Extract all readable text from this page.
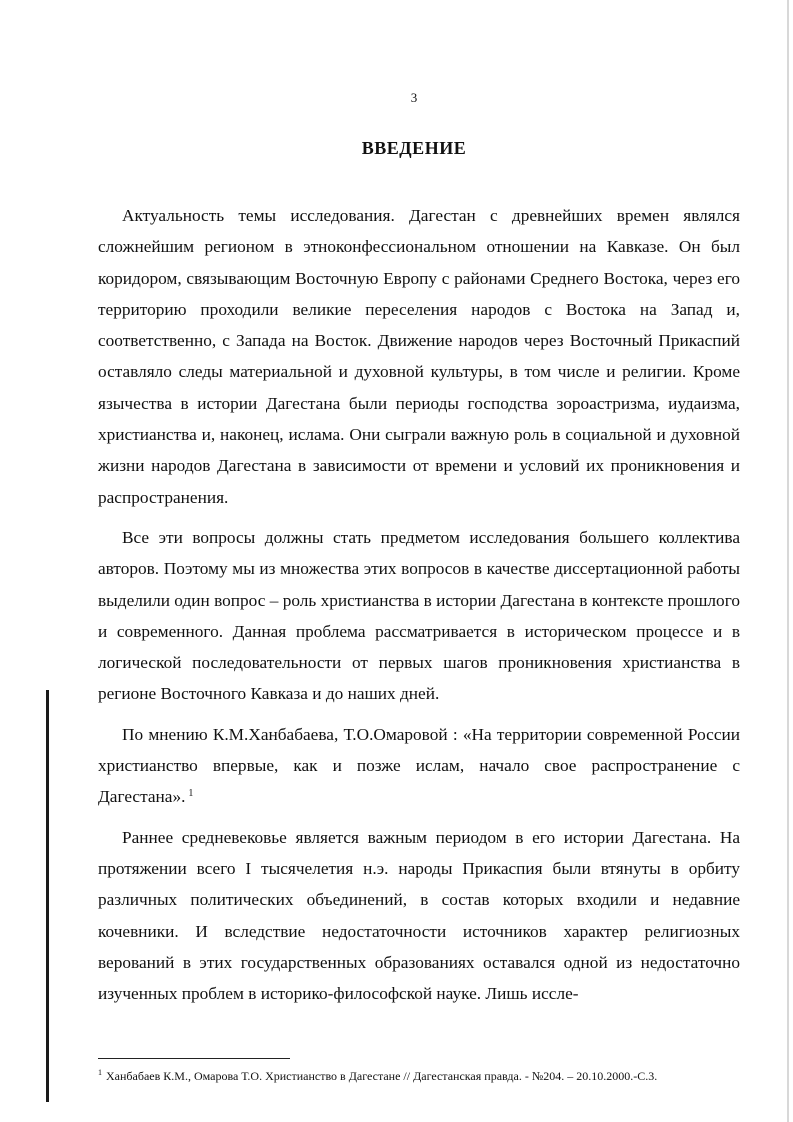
3
ВВЕДЕНИЕ

Актуальность темы исследования. Дагестан с древнейших времен являлся сложнейшим регионом в этноконфессиональном отношении на Кавказе. Он был коридором, связывающим Восточную Европу с районами Среднего Востока, через его территорию проходили великие переселения народов с Востока на Запад и, соответственно, с Запада на Восток. Движение народов через Восточный Прикаспий оставляло следы материальной и духовной культуры, в том числе и религии. Кроме язычества в истории Дагестана были периоды господства зороастризма, иудаизма, христианства и, наконец, ислама. Они сыграли важную роль в социальной и духовной жизни народов Дагестана в зависимости от времени и условий их проникновения и распространения.

Все эти вопросы должны стать предметом исследования большего коллектива авторов. Поэтому мы из множества этих вопросов в качестве диссертационной работы выделили один вопрос – роль христианства в истории Дагестана в контексте прошлого и современного. Данная проблема рассматривается в историческом процессе и в логической последовательности от первых шагов проникновения христианства в регионе Восточного Кавказа и до наших дней.

По мнению К.М.Ханбабаева, Т.О.Омаровой : «На территории современной России христианство впервые, как и позже ислам, начало свое распространение с Дагестана». $^1$

Раннее средневековье является важным периодом в его истории Дагестана. На протяжении всего I тысячелетия н.э. народы Прикаспия были втянуты в орбиту различных политических объединений, в состав которых входили и недавние кочевники. И вследствие недостаточности источников характер религиозных верований в этих государственных образованиях оставался одной из недостаточно изученных проблем в историко-философской науке. Лишь иссле-

$^1$ Ханбабаев К.М., Омарова Т.О. Христианство в Дагестане // Дагестанская правда. - №204. – 20.10.2000.-С.3.
